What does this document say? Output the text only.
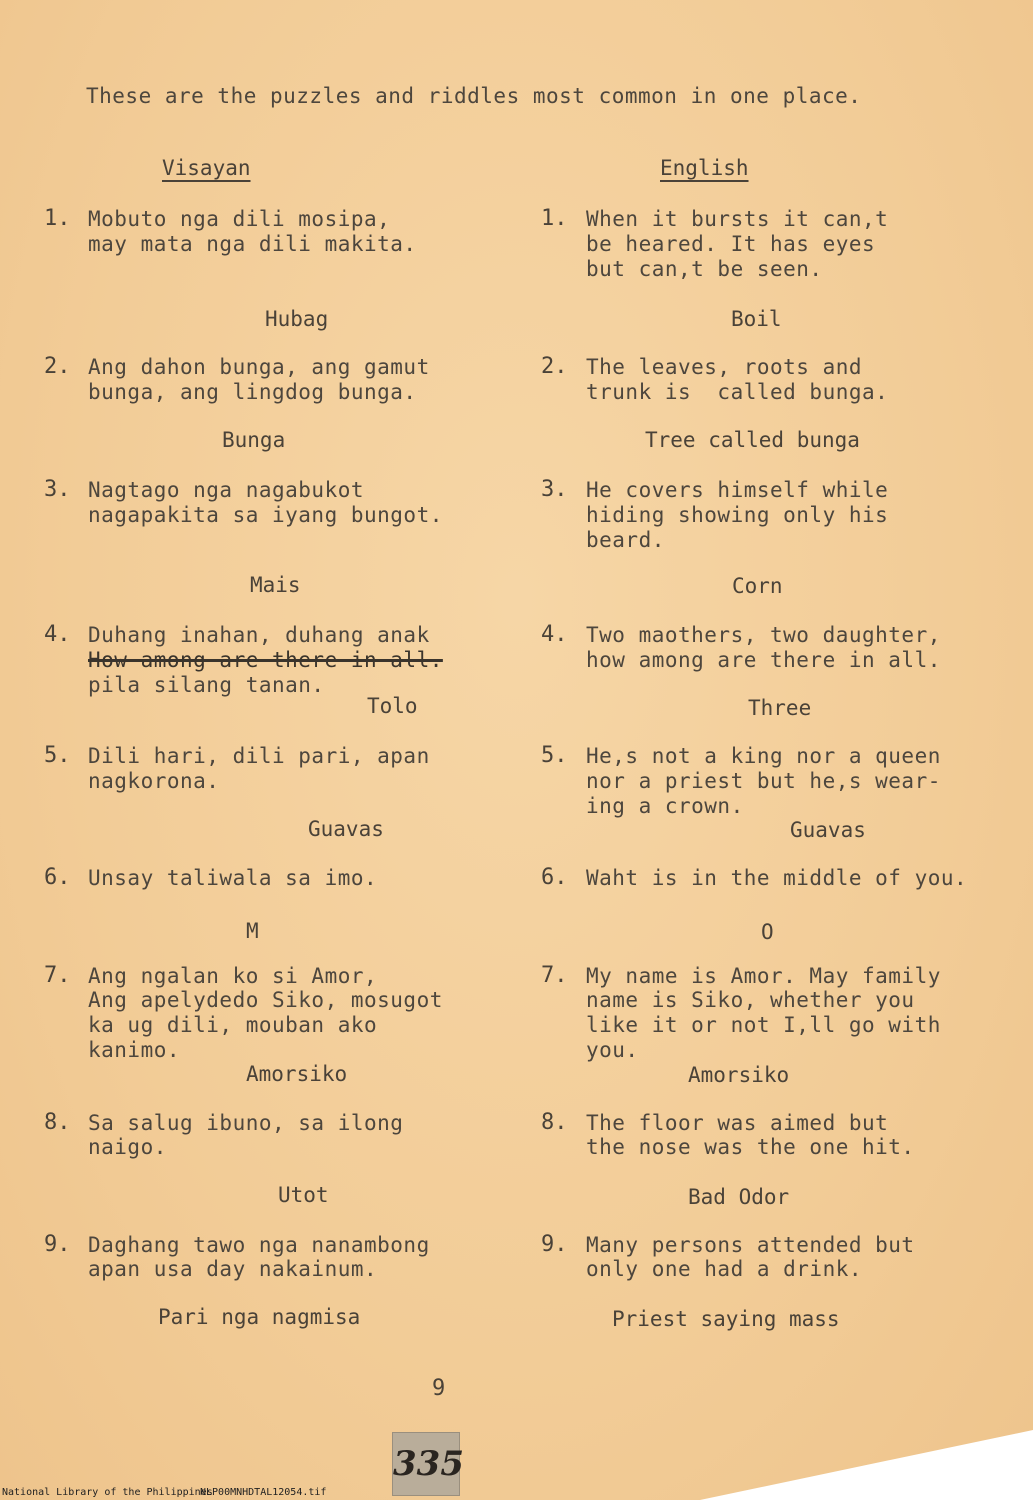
These are the puzzles and riddles most common in one place.
Visayan	English
1. Mobuto nga dili mosipa,
may mata nga dili makita.
Hubag
1. When it bursts it can,t
be heared. It has eyes
but can,t be seen.
Boil
2. Ang dahon bunga, ang gamut
bunga, ang lingdog bunga.
Bunga
2. The leaves, roots and
trunk is  called bunga.
Tree called bunga
3. Nagtago nga nagabukot
nagapakita sa iyang bungot.
Mais
3. He covers himself while
hiding showing only his
beard.
Corn
4. Duhang inahan, duhang anak
How among are there in all.
pila silang tanan.
Tolo
4. Two maothers, two daughter,
how among are there in all.
Three
5. Dili hari, dili pari, apan
nagkorona.
Guavas
5. He,s not a king nor a queen
nor a priest but he,s wear-
ing a crown.
Guavas
6. Unsay taliwala sa imo.
M
6. Waht is in the middle of you.
O
7. Ang ngalan ko si Amor,
Ang apelydedo Siko, mosugot
ka ug dili, mouban ako
kanimo.
Amorsiko
7. My name is Amor. May family
name is Siko, whether you
like it or not I,ll go with
you.
Amorsiko
8. Sa salug ibuno, sa ilong
naigo.
Utot
8. The floor was aimed but
the nose was the one hit.
Bad Odor
9. Daghang tawo nga nanambong
apan usa day nakainum.
Pari nga nagmisa
9. Many persons attended but
only one had a drink.
Priest saying mass
9
335
National Library of the Philippines
NLP00MNHDTAL12054.tif
